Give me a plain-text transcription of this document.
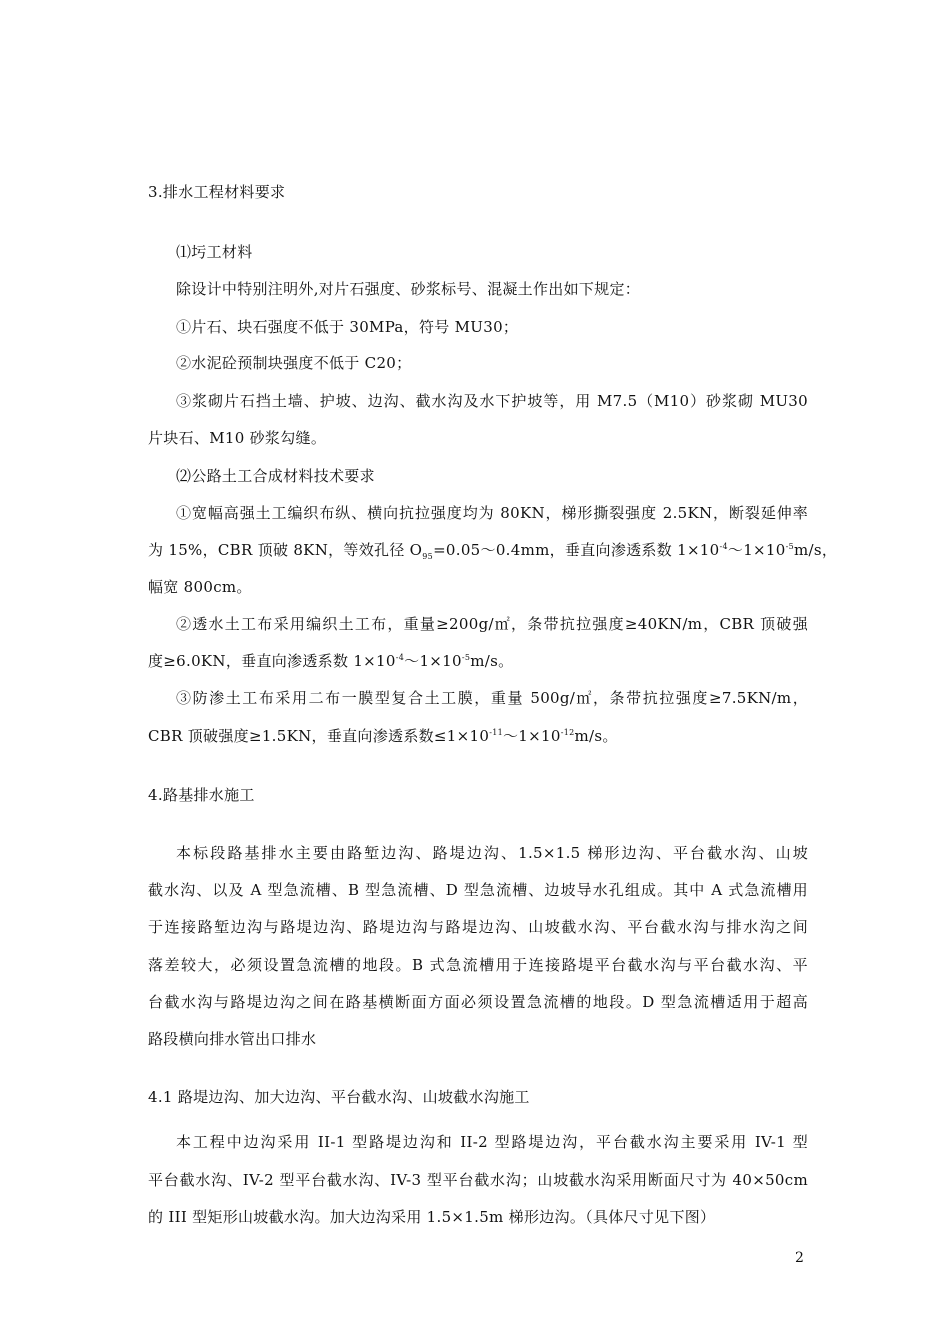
3.排水工程材料要求
⑴圬工材料
除设计中特别注明外,对片石强度、砂浆标号、混凝土作出如下规定：
①片石、块石强度不低于 30MPa，符号 MU30；
②水泥砼预制块强度不低于 C20；
③浆砌片石挡土墙、护坡、边沟、截水沟及水下护坡等，用 M7.5（M10）砂浆砌 MU30
片块石、M10 砂浆勾缝。
⑵公路土工合成材料技术要求
①宽幅高强土工编织布纵、横向抗拉强度均为 80KN，梯形撕裂强度 2.5KN，断裂延伸率
为 15%，CBR 顶破 8KN，等效孔径 $O_{95}=0.05\sim 0.4mm$，垂直向渗透系数 $1\times 10^{-4}\sim 1\times 10^{-5}m/s$，
幅宽 800cm。
②透水土工布采用编织土工布，重量≥200g/㎡，条带抗拉强度≥40KN/m，CBR 顶破强
度≥6.0KN，垂直向渗透系数 $1\times 10^{-4}\sim 1\times 10^{-5}m/s$。
③防渗土工布采用二布一膜型复合土工膜，重量 500g/㎡，条带抗拉强度≥7.5KN/m，
CBR 顶破强度≥1.5KN，垂直向渗透系数$\le 1\times 10^{-11}\sim 1\times 10^{-12}m/s$。
4.路基排水施工
本标段路基排水主要由路堑边沟、路堤边沟、1.5×1.5 梯形边沟、平台截水沟、山坡
截水沟、以及 A 型急流槽、B 型急流槽、D 型急流槽、边坡导水孔组成。其中 A 式急流槽用
于连接路堑边沟与路堤边沟、路堤边沟与路堤边沟、山坡截水沟、平台截水沟与排水沟之间
落差较大，必须设置急流槽的地段。B 式急流槽用于连接路堤平台截水沟与平台截水沟、平
台截水沟与路堤边沟之间在路基横断面方面必须设置急流槽的地段。D 型急流槽适用于超高
路段横向排水管出口排水
4.1 路堤边沟、加大边沟、平台截水沟、山坡截水沟施工
本工程中边沟采用 II-1 型路堤边沟和 II-2 型路堤边沟，平台截水沟主要采用 IV-1 型
平台截水沟、IV-2 型平台截水沟、IV-3 型平台截水沟；山坡截水沟采用断面尺寸为 40×50cm
的 III 型矩形山坡截水沟。加大边沟采用 1.5×1.5m 梯形边沟。（具体尺寸见下图）
2
